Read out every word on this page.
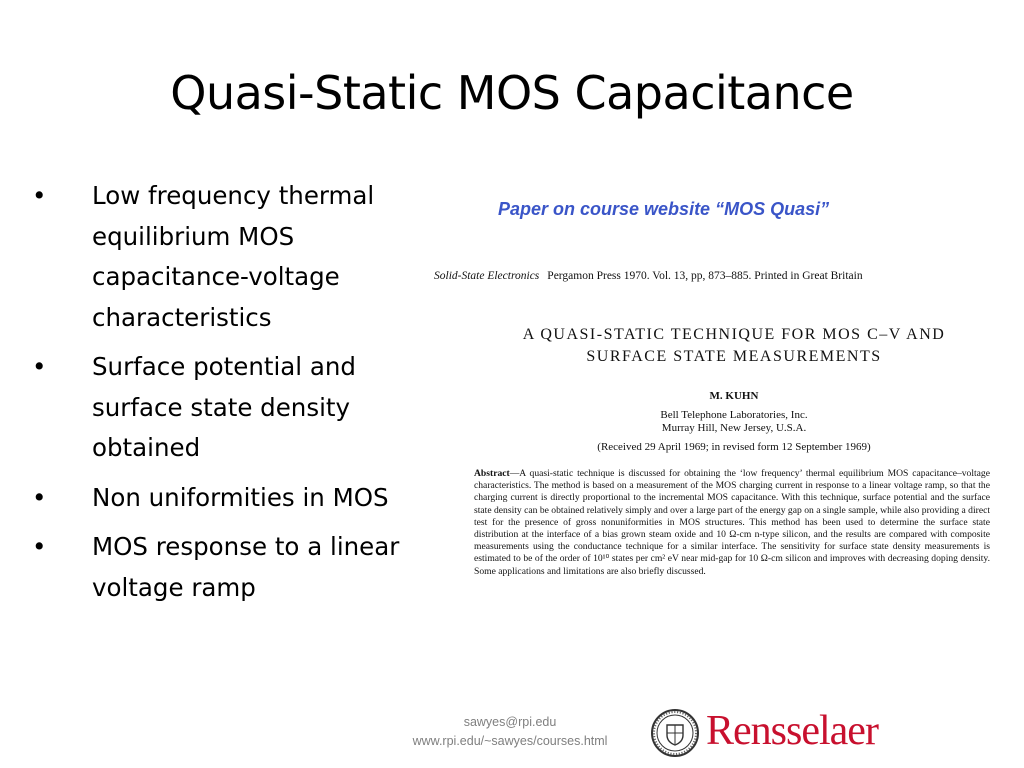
Quasi-Static MOS Capacitance
• Low frequency thermal equilibrium MOS capacitance-voltage characteristics
• Surface potential and surface state density obtained
• Non uniformities in MOS
• MOS response to a linear voltage ramp
Paper on course website “MOS Quasi”
Solid-State Electronics Pergamon Press 1970. Vol. 13, pp, 873–885. Printed in Great Britain
A QUASI-STATIC TECHNIQUE FOR MOS C–V AND
SURFACE STATE MEASUREMENTS
M. KUHN
Bell Telephone Laboratories, Inc.
Murray Hill, New Jersey, U.S.A.
(Received 29 April 1969; in revised form 12 September 1969)
Abstract—A quasi-static technique is discussed for obtaining the ‘low frequency’ thermal equilibrium MOS capacitance–voltage characteristics. The method is based on a measurement of the MOS charging current in response to a linear voltage ramp, so that the charging current is directly proportional to the incremental MOS capacitance. With this technique, surface potential and the surface state density can be obtained relatively simply and over a large part of the energy gap on a single sample, while also providing a direct test for the presence of gross nonuniformities in MOS structures. This method has been used to determine the surface state distribution at the interface of a bias grown steam oxide and 10 Ω-cm n-type silicon, and the results are compared with composite measurements using the conductance technique for a similar interface. The sensitivity for surface state density measurements is estimated to be of the order of 10¹⁰ states per cm² eV near mid-gap for 10 Ω-cm silicon and improves with decreasing doping density. Some applications and limitations are also briefly discussed.
sawyes@rpi.edu
www.rpi.edu/~sawyes/courses.html	Rensselaer
